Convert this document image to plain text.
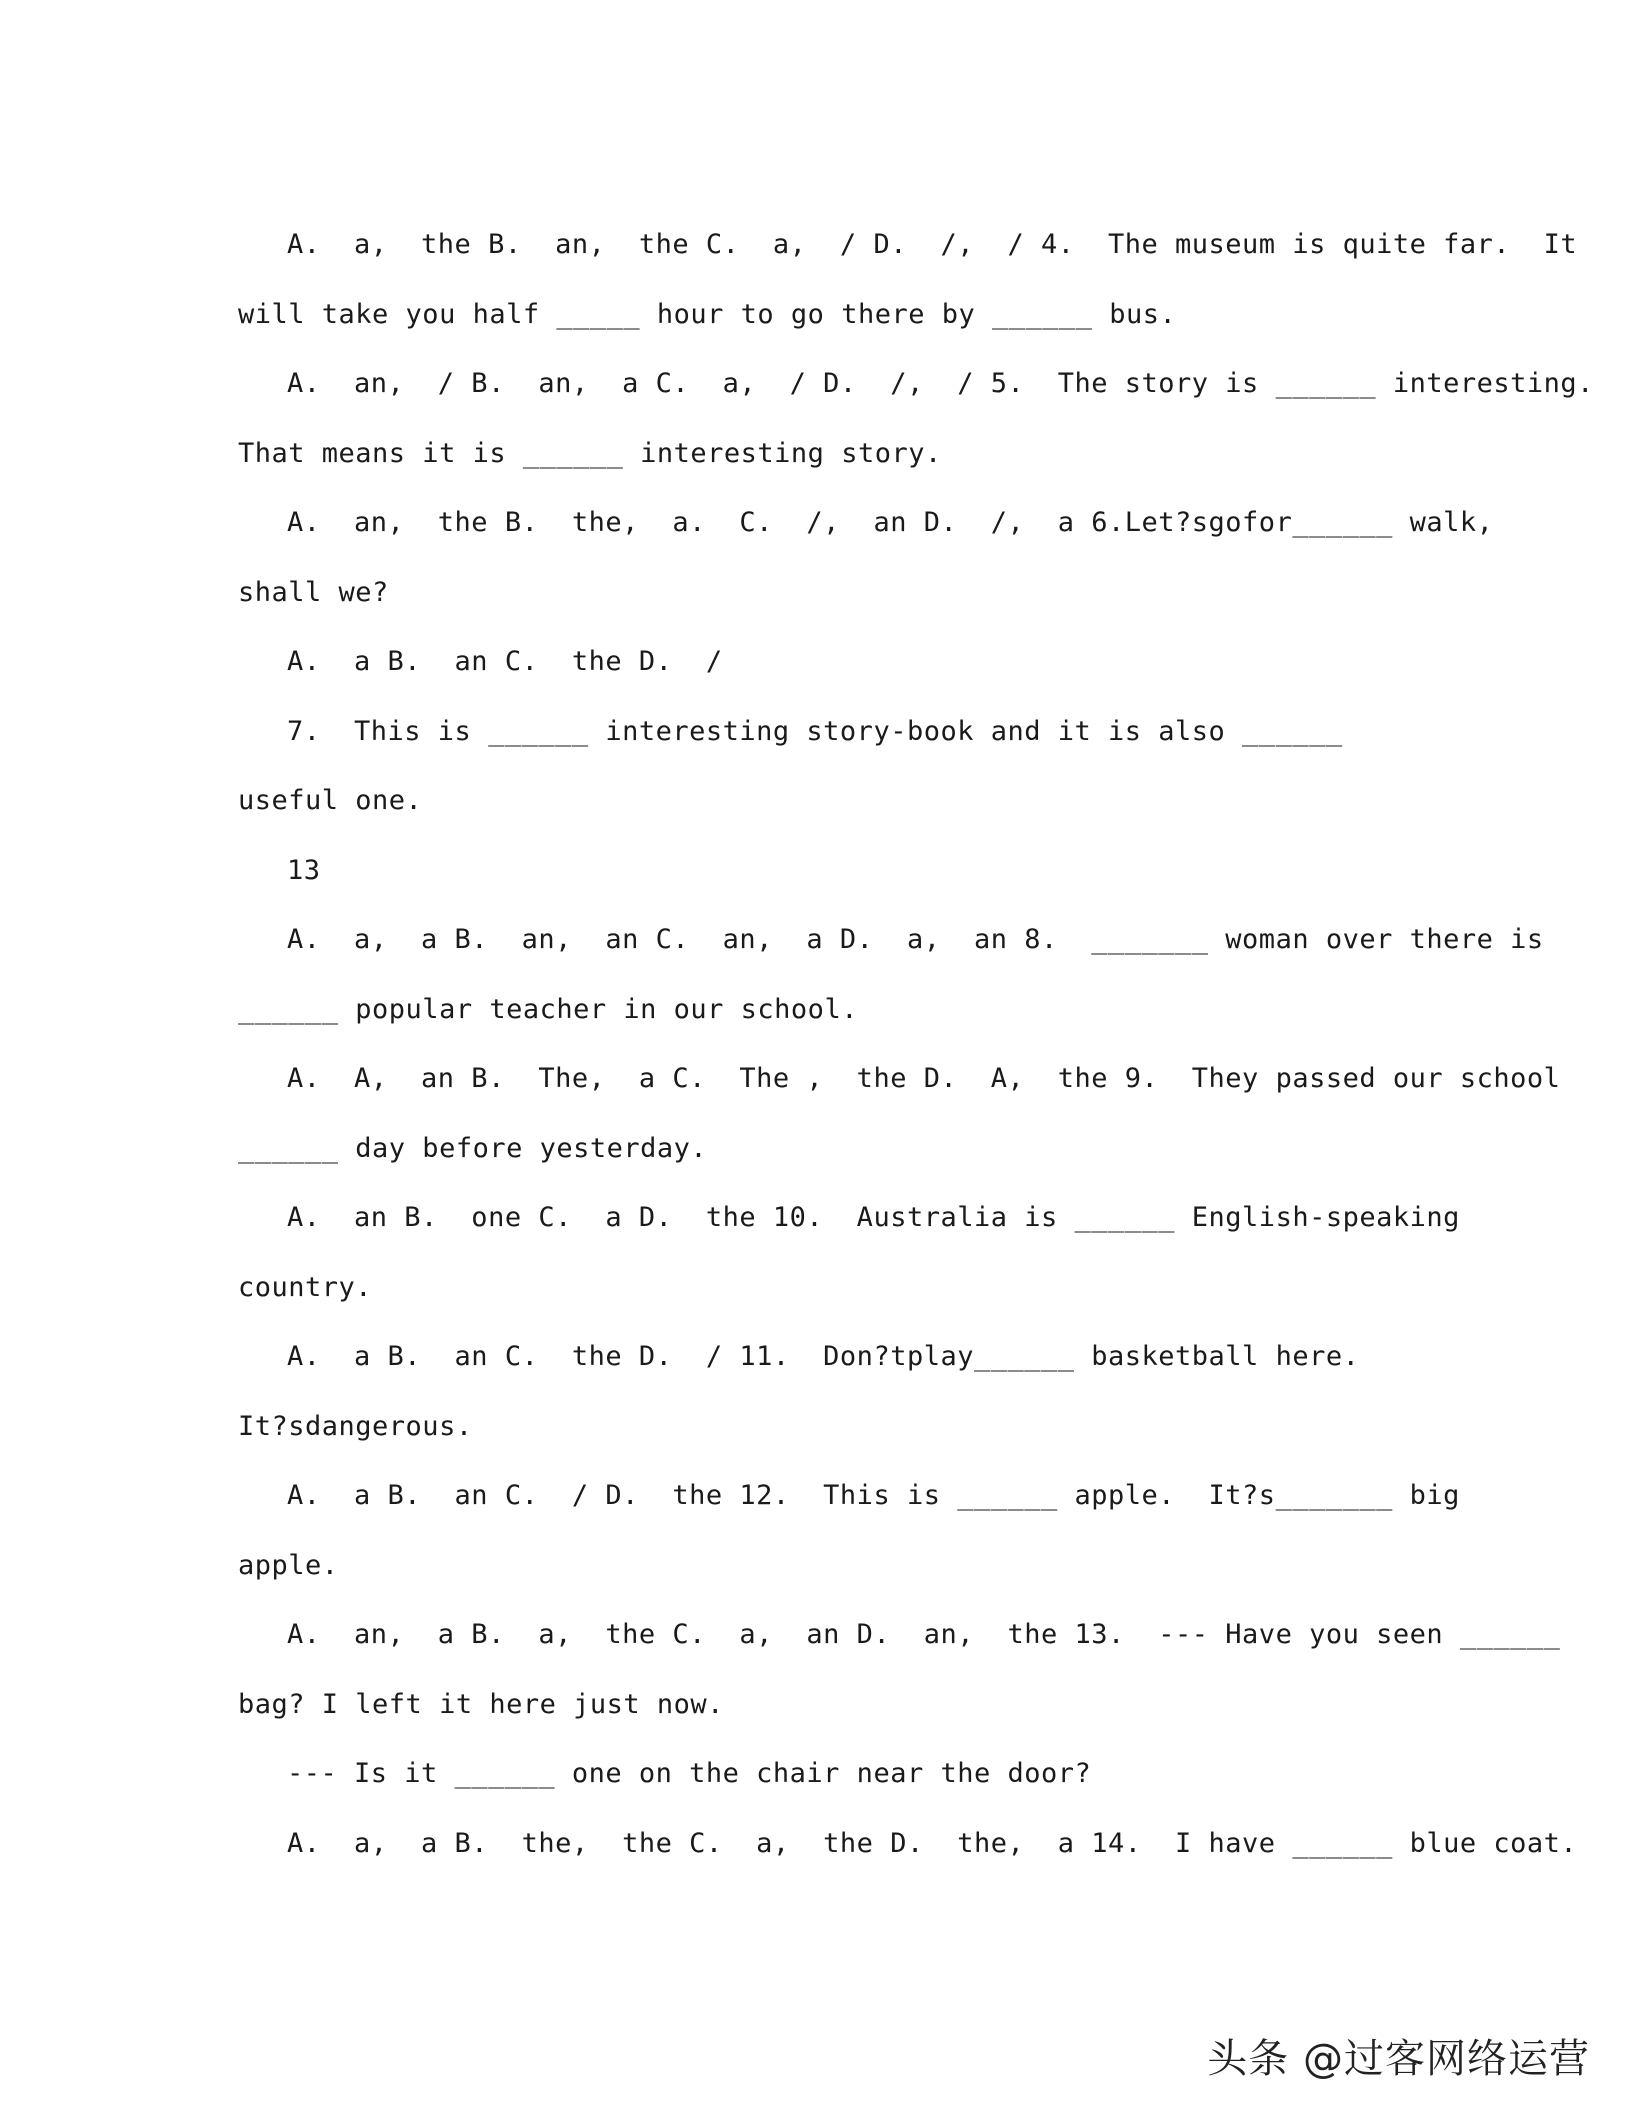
A.  a,  the B.  an,  the C.  a,  / D.  /,  / 4.  The museum is quite far.  It
will take you half _____ hour to go there by ______ bus.
A.  an,  / B.  an,  a C.  a,  / D.  /,  / 5.  The story is ______ interesting.
That means it is ______ interesting story.
A.  an,  the B.  the,  a.  C.  /,  an D.  /,  a 6.Let?sgofor______ walk,
shall we?
A.  a B.  an C.  the D.  /
7.  This is ______ interesting story-book and it is also ______
useful one.
13
A.  a,  a B.  an,  an C.  an,  a D.  a,  an 8.  _______ woman over there is
______ popular teacher in our school.
A.  A,  an B.  The,  a C.  The ,  the D.  A,  the 9.  They passed our school
______ day before yesterday.
A.  an B.  one C.  a D.  the 10.  Australia is ______ English-speaking
country.
A.  a B.  an C.  the D.  / 11.  Don?tplay______ basketball here.
It?sdangerous.
A.  a B.  an C.  / D.  the 12.  This is ______ apple.  It?s_______ big
apple.
A.  an,  a B.  a,  the C.  a,  an D.  an,  the 13.  --- Have you seen ______
bag? I left it here just now.
--- Is it ______ one on the chair near the door?
A.  a,  a B.  the,  the C.  a,  the D.  the,  a 14.  I have ______ blue coat.
头条 @过客网络运营
